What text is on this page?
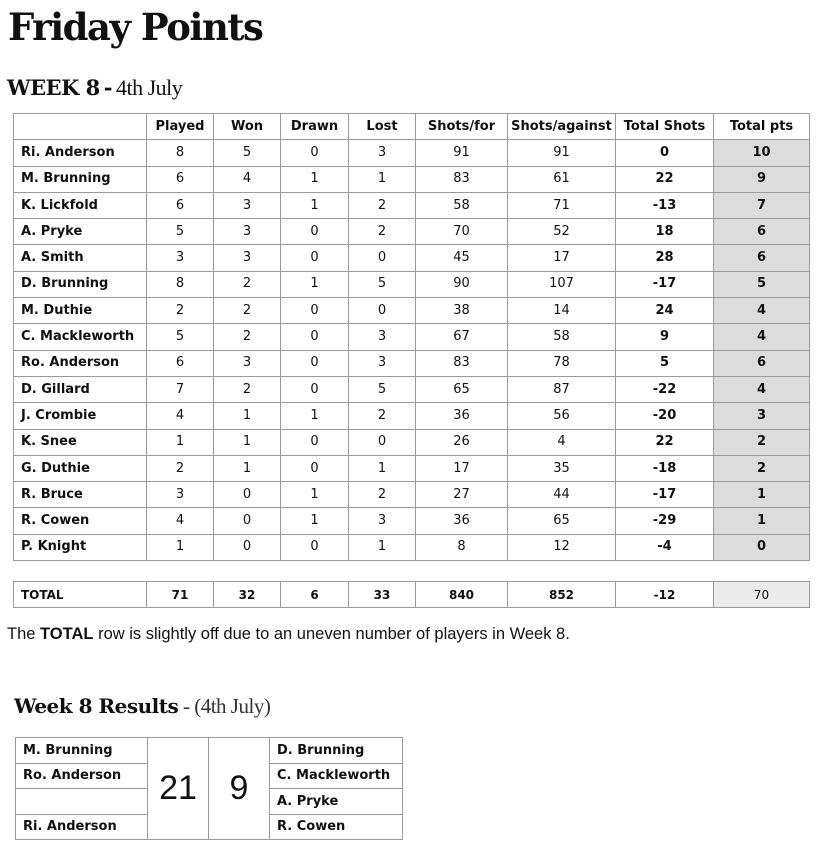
Friday Points
WEEK 8 - 4th July
	Played	Won	Drawn	Lost	Shots/for	Shots/against	Total Shots	Total pts
Ri. Anderson	8	5	0	3	91	91	0	10
M. Brunning	6	4	1	1	83	61	22	9
K. Lickfold	6	3	1	2	58	71	-13	7
A. Pryke	5	3	0	2	70	52	18	6
A. Smith	3	3	0	0	45	17	28	6
D. Brunning	8	2	1	5	90	107	-17	5
M. Duthie	2	2	0	0	38	14	24	4
C. Mackleworth	5	2	0	3	67	58	9	4
Ro. Anderson	6	3	0	3	83	78	5	6
D. Gillard	7	2	0	5	65	87	-22	4
J. Crombie	4	1	1	2	36	56	-20	3
K. Snee	1	1	0	0	26	4	22	2
G. Duthie	2	1	0	1	17	35	-18	2
R. Bruce	3	0	1	2	27	44	-17	1
R. Cowen	4	0	1	3	36	65	-29	1
P. Knight	1	0	0	1	8	12	-4	0
TOTAL	71	32	6	33	840	852	-12	70

The TOTAL row is slightly off due to an uneven number of players in Week 8.

Week 8 Results - (4th July)
M. Brunning	21	9	D. Brunning
Ro. Anderson			C. Mackleworth
			A. Pryke
Ri. Anderson			R. Cowen
